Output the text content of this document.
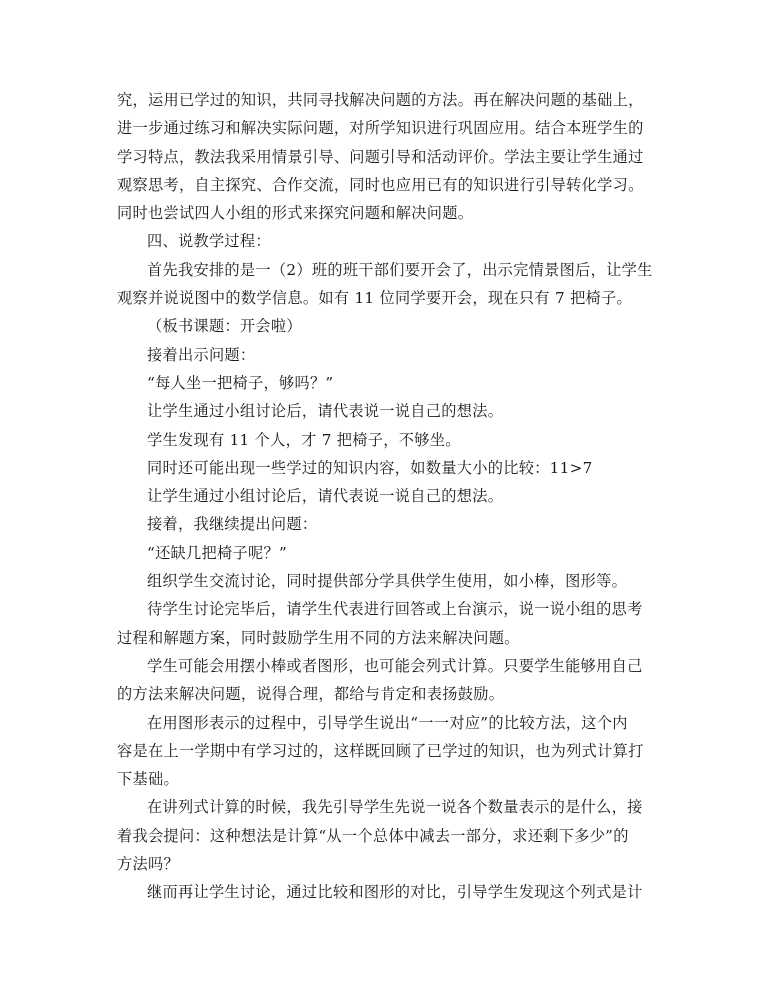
究，运用已学过的知识，共同寻找解决问题的方法。再在解决问题的基础上，
进一步通过练习和解决实际问题，对所学知识进行巩固应用。结合本班学生的
学习特点，教法我采用情景引导、问题引导和活动评价。学法主要让学生通过
观察思考，自主探究、合作交流，同时也应用已有的知识进行引导转化学习。
同时也尝试四人小组的形式来探究问题和解决问题。
四、说教学过程：
首先我安排的是一（2）班的班干部们要开会了，出示完情景图后，让学生
观察并说说图中的数学信息。如有 11 位同学要开会，现在只有 7 把椅子。
（板书课题：开会啦）
接着出示问题：
“每人坐一把椅子，够吗？”
让学生通过小组讨论后，请代表说一说自己的想法。
学生发现有 11 个人，才 7 把椅子，不够坐。
同时还可能出现一些学过的知识内容，如数量大小的比较：11>7
让学生通过小组讨论后，请代表说一说自己的想法。
接着，我继续提出问题：
“还缺几把椅子呢？”
组织学生交流讨论，同时提供部分学具供学生使用，如小棒，图形等。
待学生讨论完毕后，请学生代表进行回答或上台演示，说一说小组的思考
过程和解题方案，同时鼓励学生用不同的方法来解决问题。
学生可能会用摆小棒或者图形，也可能会列式计算。只要学生能够用自己
的方法来解决问题，说得合理，都给与肯定和表扬鼓励。
在用图形表示的过程中，引导学生说出“一一对应”的比较方法，这个内
容是在上一学期中有学习过的，这样既回顾了已学过的知识，也为列式计算打
下基础。
在讲列式计算的时候，我先引导学生先说一说各个数量表示的是什么，接
着我会提问：这种想法是计算“从一个总体中减去一部分，求还剩下多少”的
方法吗？
继而再让学生讨论，通过比较和图形的对比，引导学生发现这个列式是计
